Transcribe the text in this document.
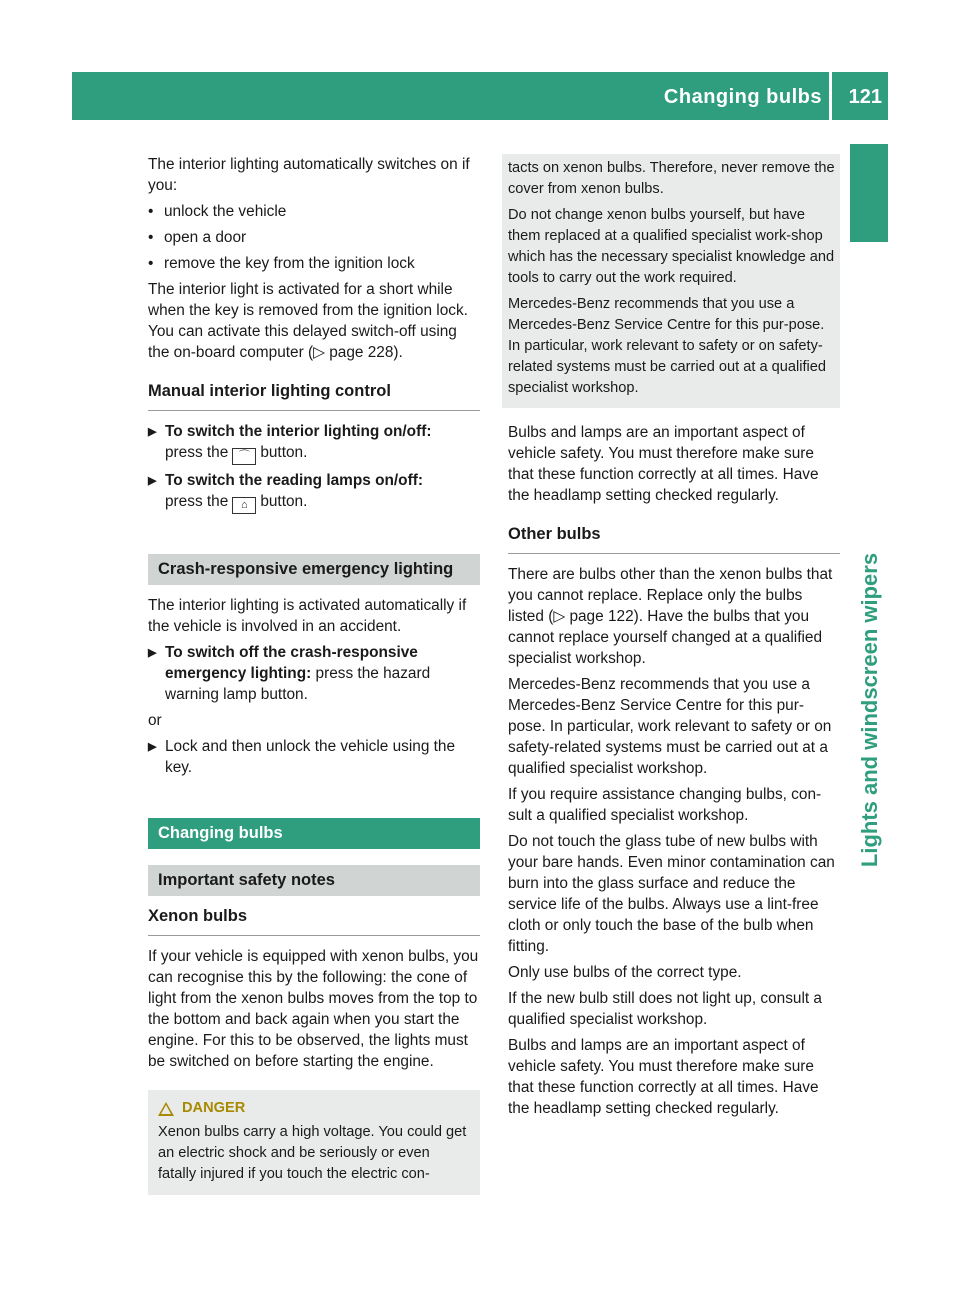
Changing bulbs 121
Lights and windscreen wipers

The interior lighting automatically switches on if you:

• unlock the vehicle
• open a door
• remove the key from the ignition lock

The interior light is activated for a short while when the key is removed from the ignition lock. You can activate this delayed switch-off using the on-board computer (▷ page 228).

Manual interior lighting control
▶ To switch the interior lighting on/off:
press the ⌒ button.
▶ To switch the reading lamps on/off:
press the ⌂ button.
Crash-responsive emergency lighting

The interior lighting is activated automatically if the vehicle is involved in an accident.

▶ To switch off the crash-responsive emergency lighting: press the hazard warning lamp button.

or

▶ Lock and then unlock the vehicle using the key.
Changing bulbs
Important safety notes
Xenon bulbs

If your vehicle is equipped with xenon bulbs, you can recognise this by the following: the cone of light from the xenon bulbs moves from the top to the bottom and back again when you start the engine. For this to be observed, the lights must be switched on before starting the engine.

DANGER
Xenon bulbs carry a high voltage. You could get an electric shock and be seriously or even fatally injured if you touch the electric con-

tacts on xenon bulbs. Therefore, never remove the cover from xenon bulbs.

Do not change xenon bulbs yourself, but have them replaced at a qualified specialist work-shop which has the necessary specialist knowledge and tools to carry out the work required.

Mercedes-Benz recommends that you use a Mercedes-Benz Service Centre for this pur-pose. In particular, work relevant to safety or on safety-related systems must be carried out at a qualified specialist workshop.

Bulbs and lamps are an important aspect of vehicle safety. You must therefore make sure that these function correctly at all times. Have the headlamp setting checked regularly.

Other bulbs

There are bulbs other than the xenon bulbs that you cannot replace. Replace only the bulbs listed (▷ page 122). Have the bulbs that you cannot replace yourself changed at a qualified specialist workshop.

Mercedes-Benz recommends that you use a Mercedes-Benz Service Centre for this pur-pose. In particular, work relevant to safety or on safety-related systems must be carried out at a qualified specialist workshop.

If you require assistance changing bulbs, con-sult a qualified specialist workshop.

Do not touch the glass tube of new bulbs with your bare hands. Even minor contamination can burn into the glass surface and reduce the service life of the bulbs. Always use a lint-free cloth or only touch the base of the bulb when fitting.

Only use bulbs of the correct type.

If the new bulb still does not light up, consult a qualified specialist workshop.

Bulbs and lamps are an important aspect of vehicle safety. You must therefore make sure that these function correctly at all times. Have the headlamp setting checked regularly.
